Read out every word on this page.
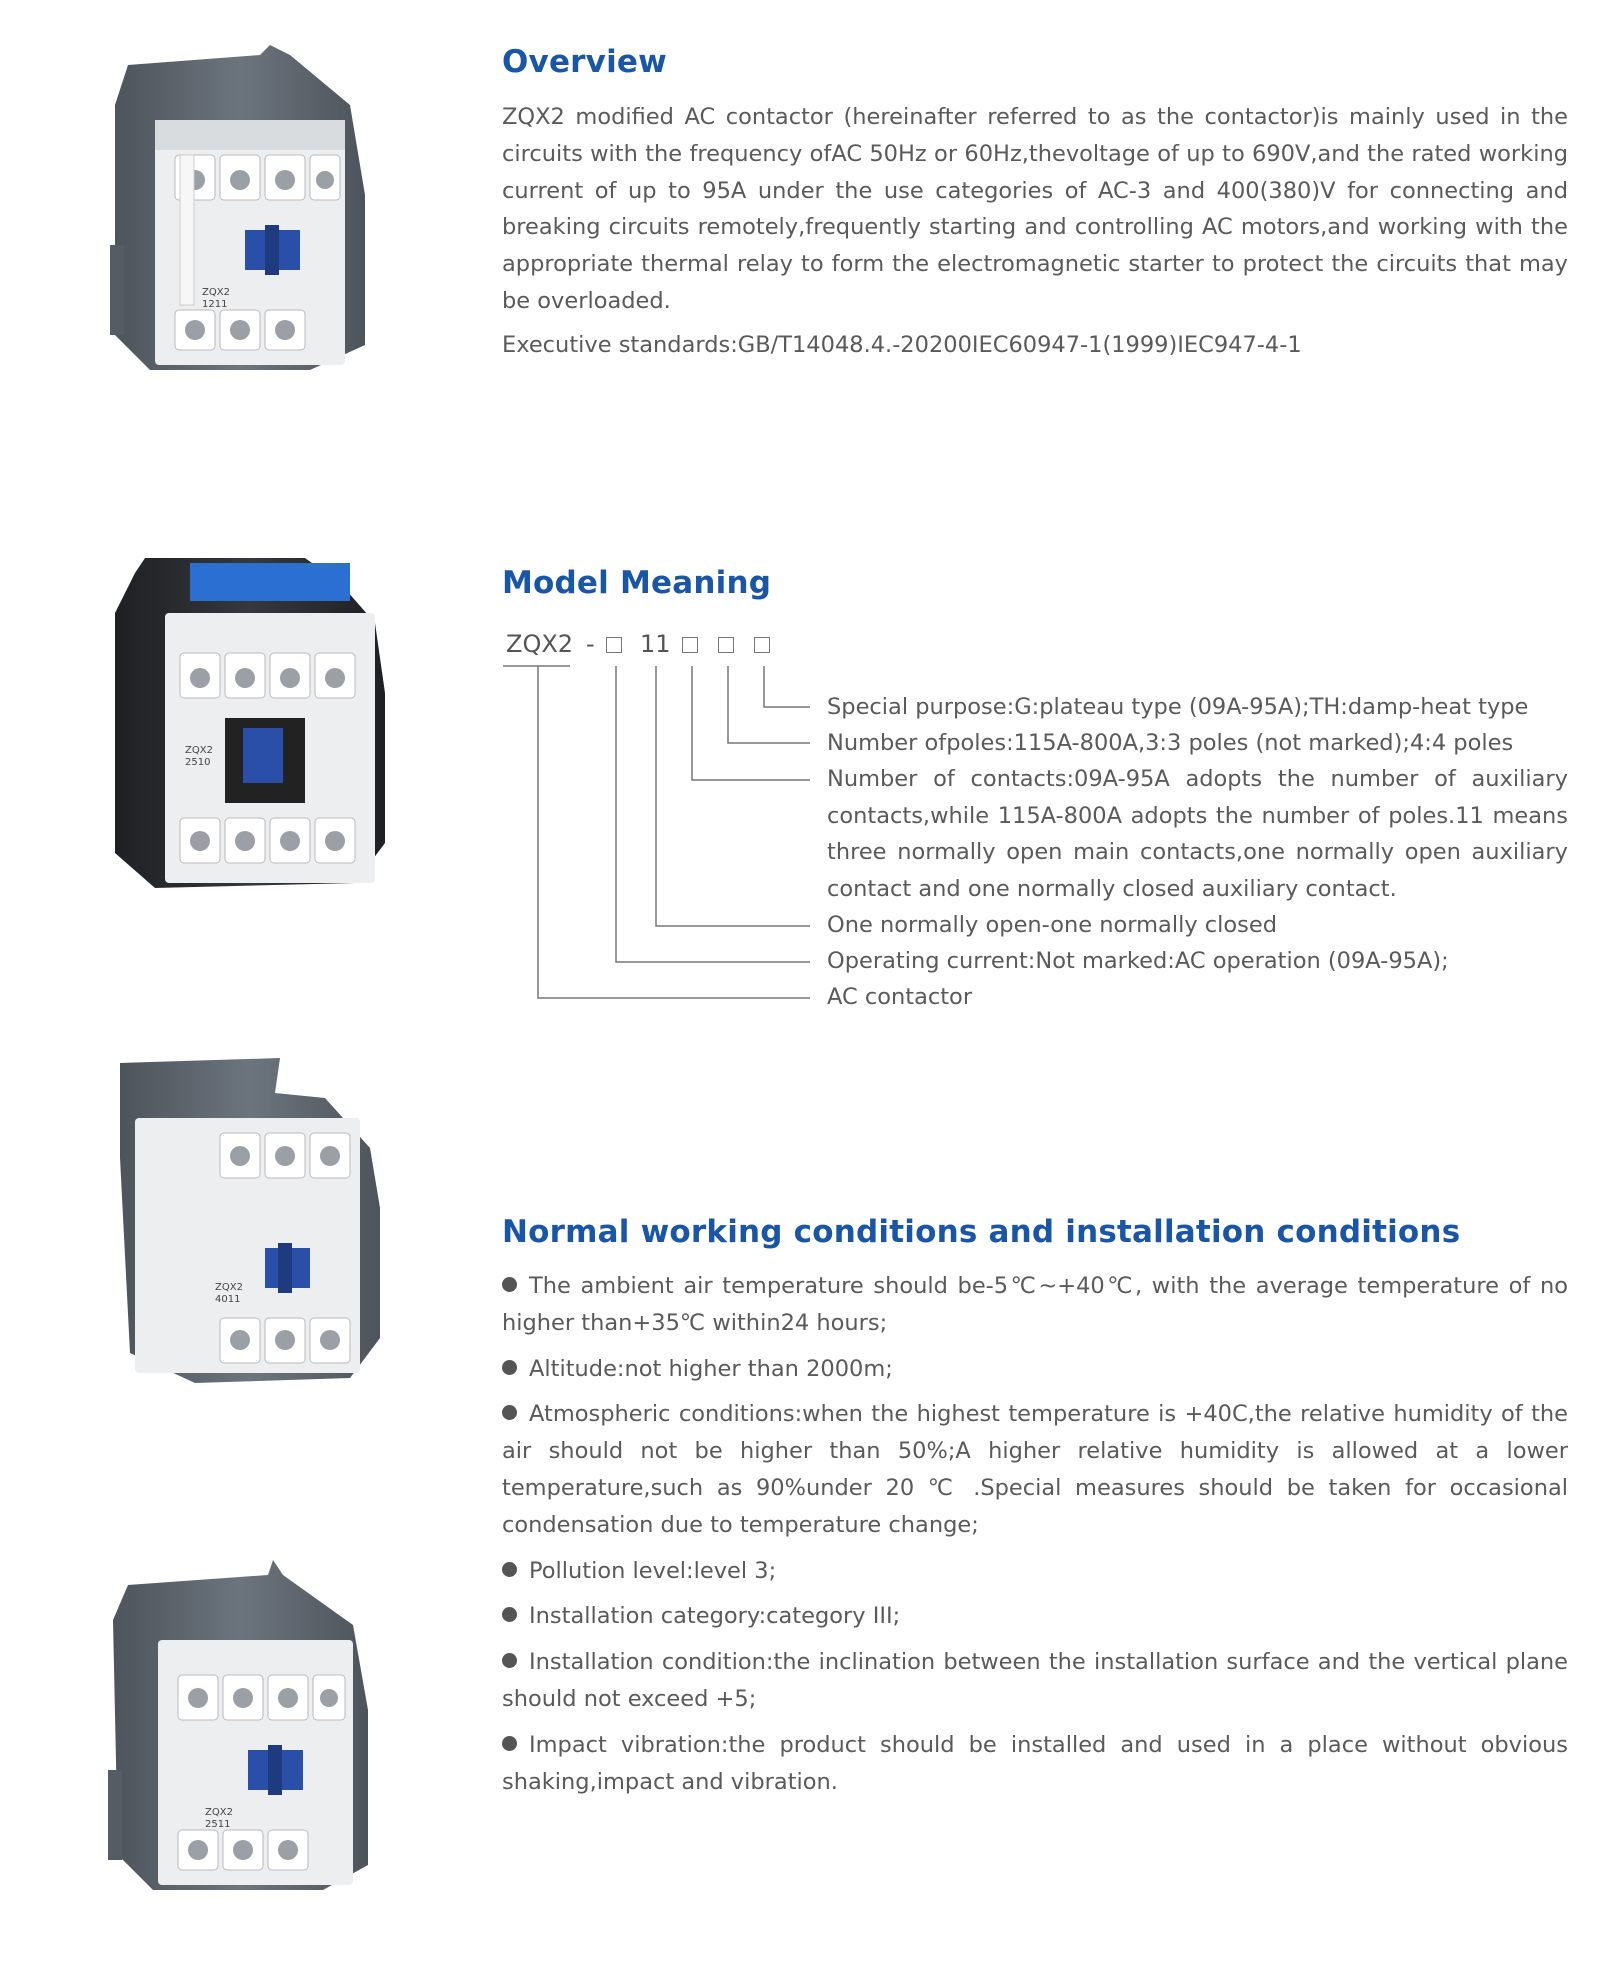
ZQX2
1211
ZQX2
2510
ZQX2
4011
ZQX2
2511
Overview

ZQX2 modified AC contactor (hereinafter referred to as the contactor)is mainly used in the circuits with the frequency ofAC 50Hz or 60Hz,thevoltage of up to 690V,and the rated working current of up to 95A under the use categories of AC-3 and 400(380)V for connecting and breaking circuits remotely,frequently starting and controlling AC motors,and working with the appropriate thermal relay to form the electromagnetic starter to protect the circuits that may be overloaded.

Executive standards:GB/T14048.4.-20200IEC60947-1(1999)IEC947-4-1

Model Meaning
ZQX2 - 11

Special purpose:G:plateau type (09A-95A);TH:damp-heat type

Number ofpoles:115A-800A,3:3 poles (not marked);4:4 poles

Number of contacts:09A-95A adopts the number of auxiliary contacts,while 115A-800A adopts the number of poles.11 means three normally open main contacts,one normally open auxiliary contact and one normally closed auxiliary contact.

One normally open-one normally closed

Operating current:Not marked:AC operation (09A-95A);

AC contactor

Normal working conditions and installation conditions
The ambient air temperature should be-5℃~+40℃, with the average temperature of no higher than+35℃ within24 hours;
Altitude:not higher than 2000m;
Atmospheric conditions:when the highest temperature is +40C,the relative humidity of the air should not be higher than 50%;A higher relative humidity is allowed at a lower temperature,such as 90%under 20 ℃ .Special measures should be taken for occasional condensation due to temperature change;
Pollution level:level 3;
Installation category:category III;
Installation condition:the inclination between the installation surface and the vertical plane should not exceed +5;
Impact vibration:the product should be installed and used in a place without obvious shaking,impact and vibration.
